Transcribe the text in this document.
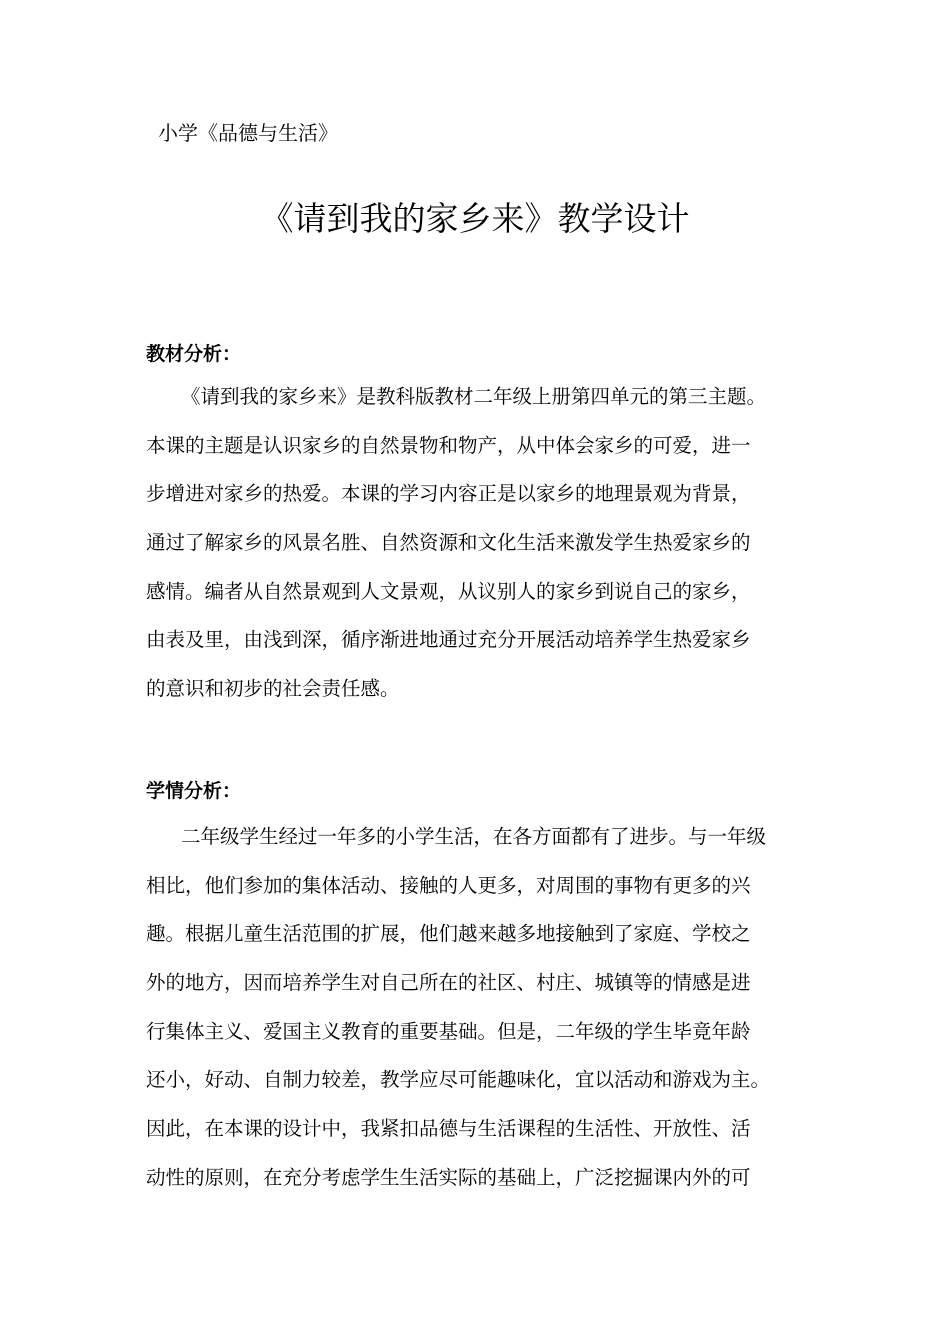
小学《品德与生活》
《请到我的家乡来》教学设计
教材分析：
《请到我的家乡来》是教科版教材二年级上册第四单元的第三主题。
本课的主题是认识家乡的自然景物和物产，从中体会家乡的可爱，进一
步增进对家乡的热爱。本课的学习内容正是以家乡的地理景观为背景，
通过了解家乡的风景名胜、自然资源和文化生活来激发学生热爱家乡的
感情。编者从自然景观到人文景观，从议别人的家乡到说自己的家乡，
由表及里，由浅到深，循序渐进地通过充分开展活动培养学生热爱家乡
的意识和初步的社会责任感。
学情分析：
二年级学生经过一年多的小学生活，在各方面都有了进步。与一年级
相比，他们参加的集体活动、接触的人更多，对周围的事物有更多的兴
趣。根据儿童生活范围的扩展，他们越来越多地接触到了家庭、学校之
外的地方，因而培养学生对自己所在的社区、村庄、城镇等的情感是进
行集体主义、爱国主义教育的重要基础。但是，二年级的学生毕竟年龄
还小，好动、自制力较差，教学应尽可能趣味化，宜以活动和游戏为主。
因此，在本课的设计中，我紧扣品德与生活课程的生活性、开放性、活
动性的原则，在充分考虑学生生活实际的基础上，广泛挖掘课内外的可
